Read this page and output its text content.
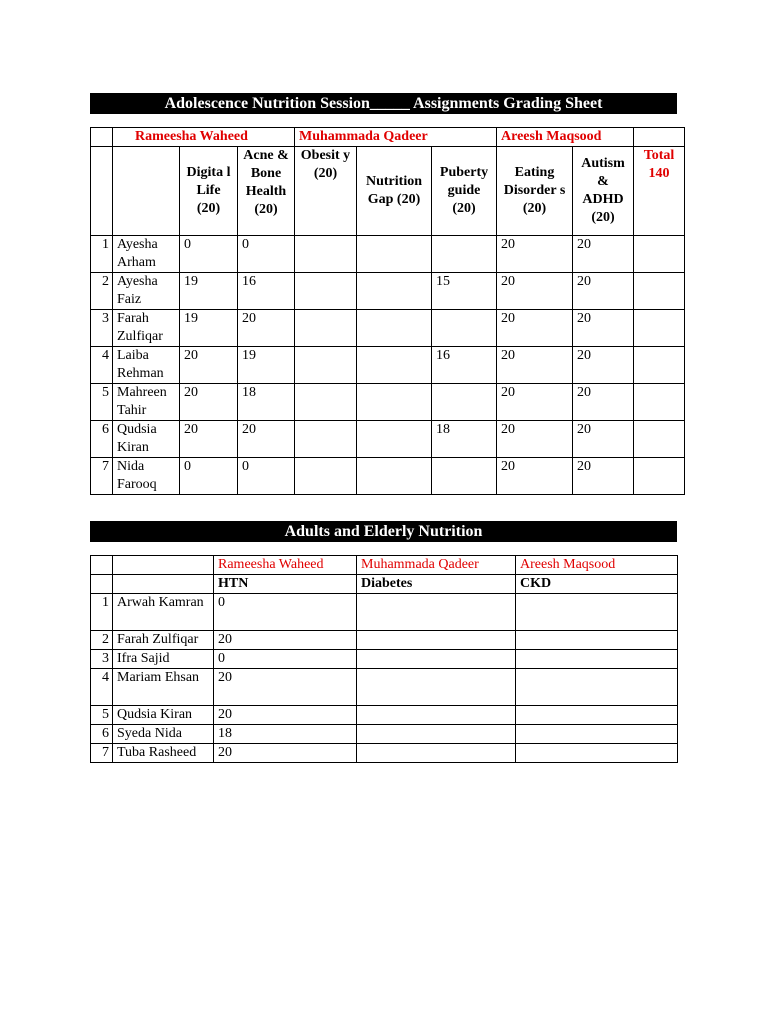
Adolescence Nutrition Session_____ Assignments Grading Sheet
	Rameesha Waheed			Muhammada Qadeer			Areesh Maqsood		
		Digita l Life (20)	Acne & Bone Health (20)	Obesit y (20)	Nutrition Gap (20)	Puberty guide (20)	Eating Disorder s (20)	Autism & ADHD (20)	Total 140
1	Ayesha Arham	0	0				20	20	
2	Ayesha Faiz	19	16			15	20	20	
3	Farah Zulfiqar	19	20				20	20	
4	Laiba Rehman	20	19			16	20	20	
5	Mahreen Tahir	20	18				20	20	
6	Qudsia Kiran	20	20			18	20	20	
7	Nida Farooq	0	0				20	20	
Adults and Elderly Nutrition
		Rameesha Waheed	Muhammada Qadeer	Areesh Maqsood
		HTN	Diabetes	CKD
1	Arwah Kamran	0		
2	Farah Zulfiqar	20		
3	Ifra Sajid	0		
4	Mariam Ehsan	20		
5	Qudsia Kiran	20		
6	Syeda Nida	18		
7	Tuba Rasheed	20		
